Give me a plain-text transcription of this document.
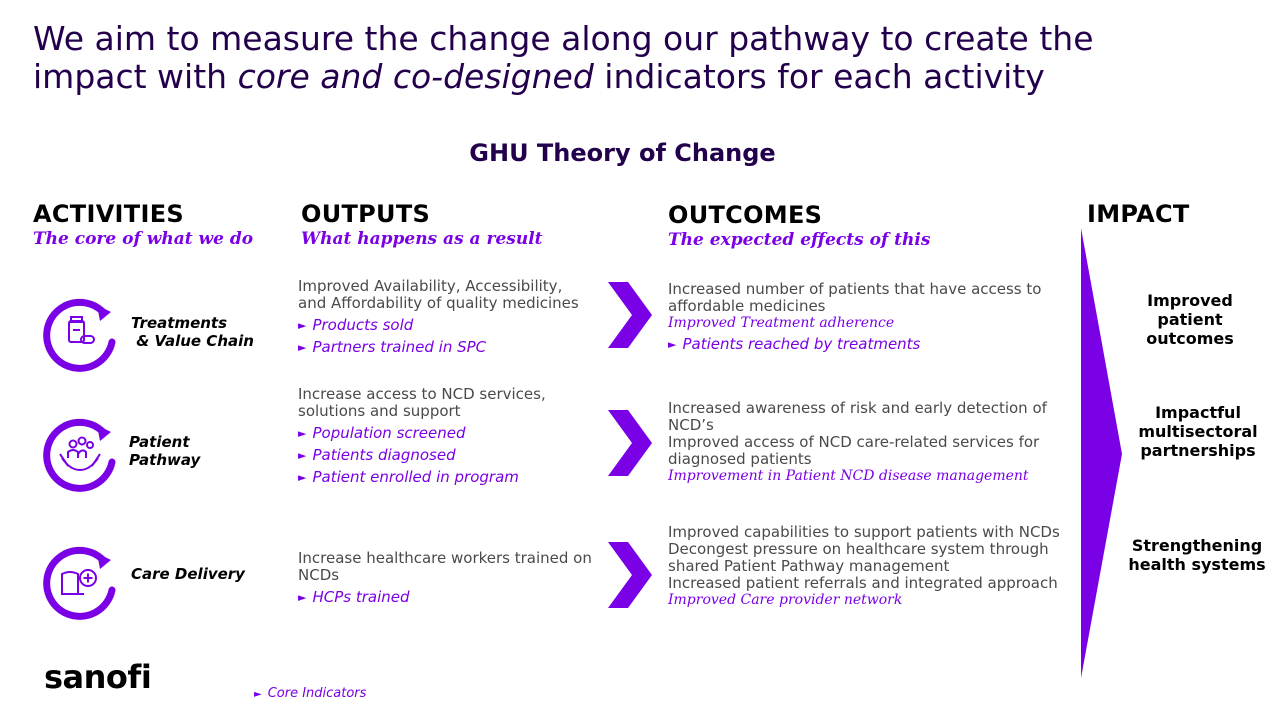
We aim to measure the change along our pathway to create the
impact with core and co-designed indicators for each activity
GHU Theory of Change
ACTIVITIES
The core of what we do
OUTPUTS
What happens as a result
OUTCOMES
The expected effects of this
IMPACT
Treatments
& Value Chain
Patient
Pathway
Care Delivery
Improved Availability, Accessibility,
and Affordability of quality medicines
► Products sold
► Partners trained in SPC
Increase access to NCD services,
solutions and support
► Population screened
► Patients diagnosed
► Patient enrolled in program
Increase healthcare workers trained on
NCDs
► HCPs trained
Increased number of patients that have access to
affordable medicines
Improved Treatment adherence
► Patients reached by treatments
Increased awareness of risk and early detection of
NCD’s
Improved access of NCD care-related services for
diagnosed patients
Improvement in Patient NCD disease management
Improved capabilities to support patients with NCDs
Decongest pressure on healthcare system through
shared Patient Pathway management
Increased patient referrals and integrated approach
Improved Care provider network
Improved
patient
outcomes
Impactful
multisectoral
partnerships
Strengthening
health systems
sanofi	► Core Indicators
